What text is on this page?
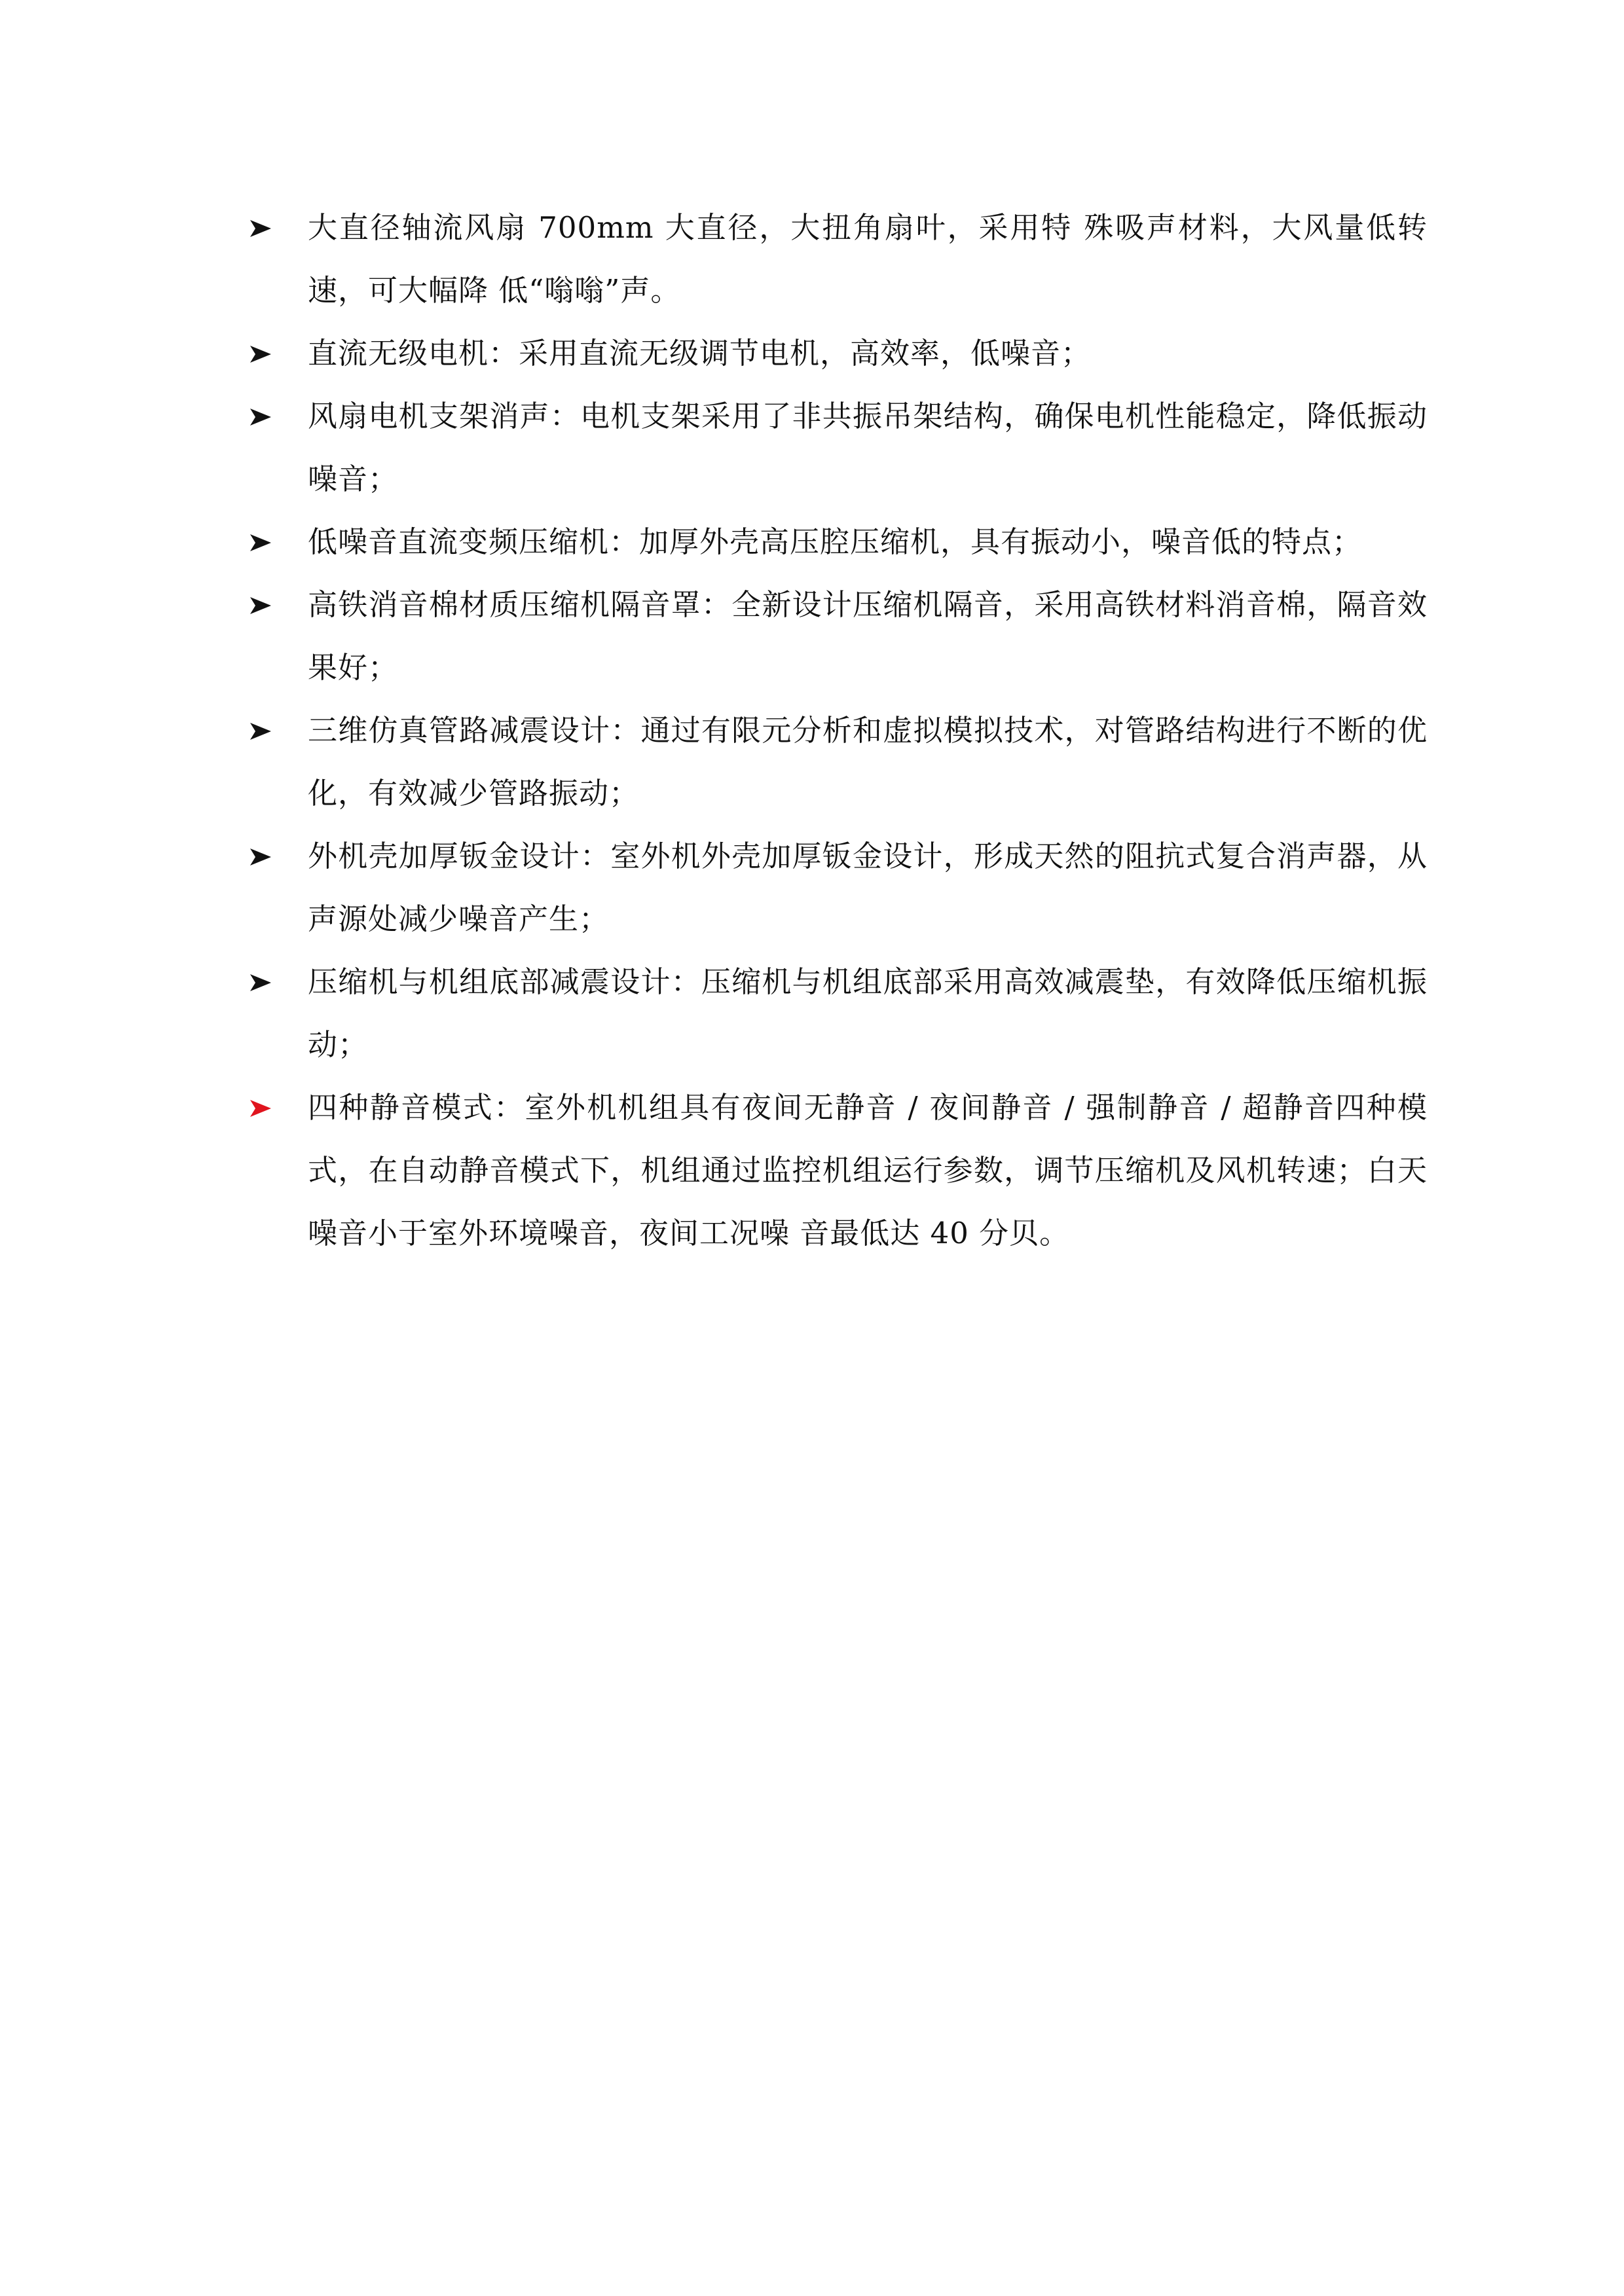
大直径轴流风扇 700mm 大直径，大扭角扇叶，采用特 殊吸声材料，大风量低转速，可大幅降 低“嗡嗡”声。
直流无级电机：采用直流无级调节电机，高效率，低噪音；
风扇电机支架消声：电机支架采用了非共振吊架结构，确保电机性能稳定，降低振动噪音；
低噪音直流变频压缩机：加厚外壳高压腔压缩机，具有振动小，噪音低的特点；
高铁消音棉材质压缩机隔音罩：全新设计压缩机隔音，采用高铁材料消音棉，隔音效果好；
三维仿真管路减震设计：通过有限元分析和虚拟模拟技术，对管路结构进行不断的优化，有效减少管路振动；
外机壳加厚钣金设计：室外机外壳加厚钣金设计，形成天然的阻抗式复合消声器，从声源处减少噪音产生；
压缩机与机组底部减震设计：压缩机与机组底部采用高效减震垫，有效降低压缩机振动；
四种静音模式：室外机机组具有夜间无静音 / 夜间静音 / 强制静音 / 超静音四种模式，在自动静音模式下，机组通过监控机组运行参数，调节压缩机及风机转速；白天噪音小于室外环境噪音，夜间工况噪 音最低达 40 分贝。
